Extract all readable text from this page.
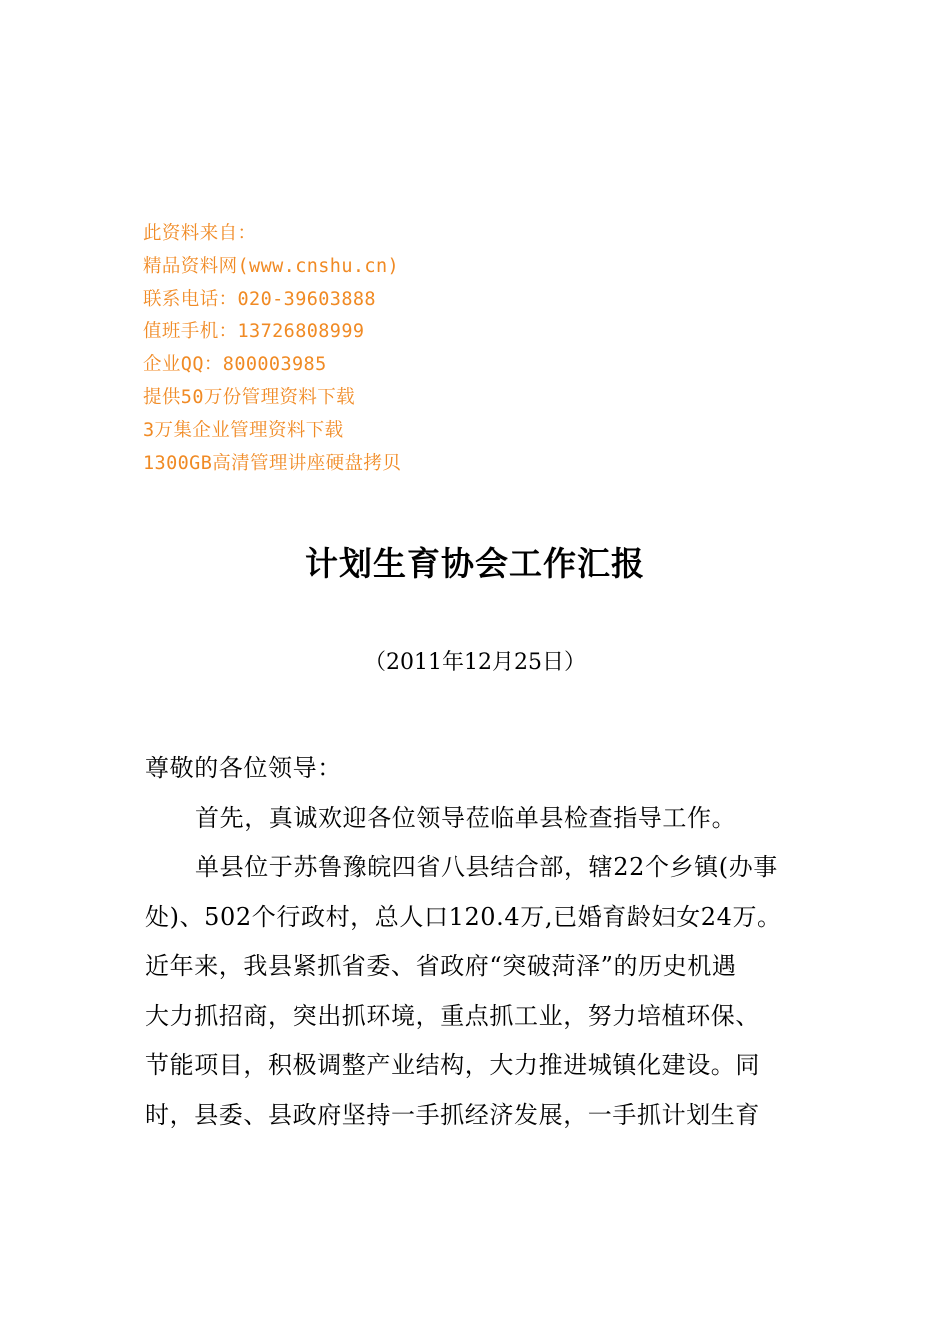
此资料来自：
精品资料网(www.cnshu.cn)
联系电话：020-39603888
值班手机：13726808999
企业QQ：800003985
提供50万份管理资料下载
3万集企业管理资料下载
1300GB高清管理讲座硬盘拷贝
计划生育协会工作汇报
（2011年12月25日）
尊敬的各位领导：
首先，真诚欢迎各位领导莅临单县检查指导工作。
单县位于苏鲁豫皖四省八县结合部，辖22个乡镇(办事
处)、502个行政村，总人口120.4万,已婚育龄妇女24万。
近年来，我县紧抓省委、省政府“突破菏泽”的历史机遇
大力抓招商，突出抓环境，重点抓工业，努力培植环保、
节能项目，积极调整产业结构，大力推进城镇化建设。同
时，县委、县政府坚持一手抓经济发展，一手抓计划生育
